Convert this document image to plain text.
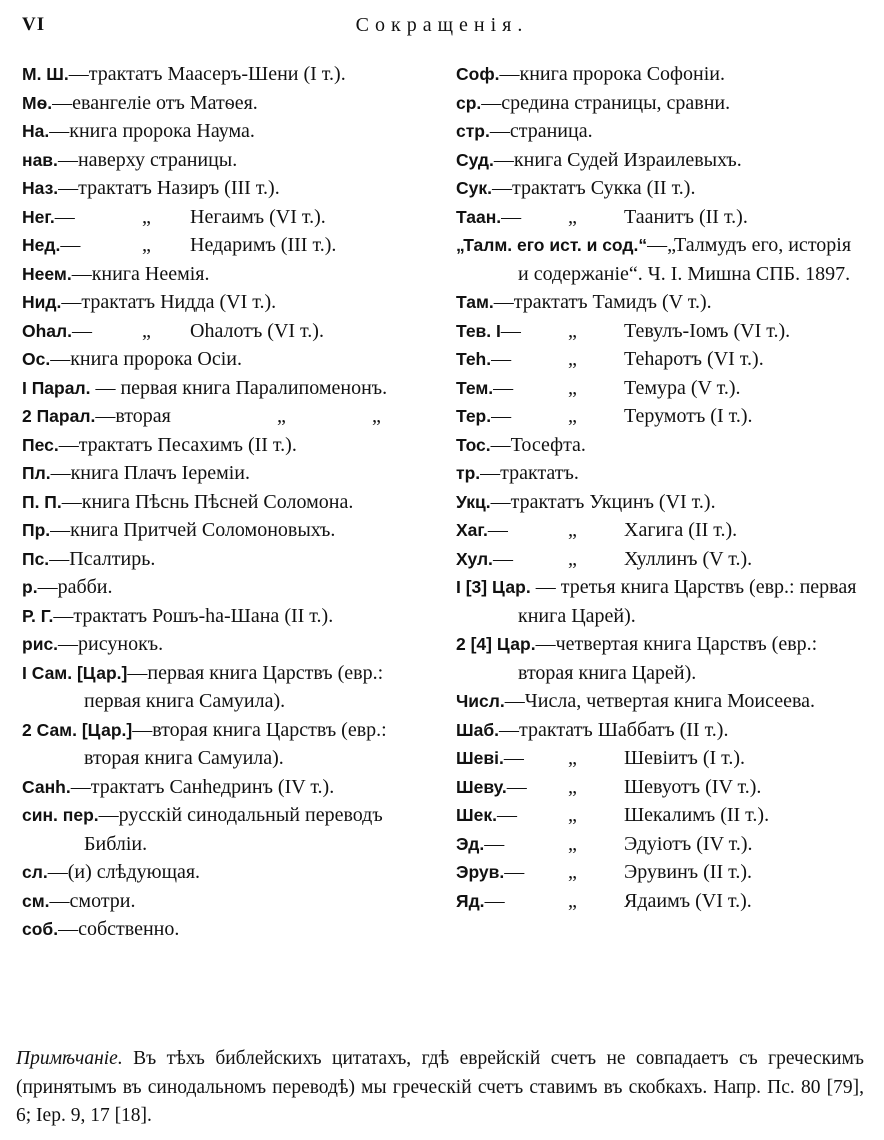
VI	Сокращенія.
М. Ш.—трактатъ Маасеръ-Шени (I т.).
Мѳ.—евангеліе отъ Матѳея.
На.—книга пророка Наума.
нав.—наверху страницы.
Наз.—трактатъ Назиръ (III т.).
Нег.—	„ Негаимъ (VI т.).
Нед.—	„ Недаримъ (III т.).
Неем.—книга Неемія.
Нид.—трактатъ Нидда (VI т.).
Оhал.— „ Оhалотъ (VI т.).
Ос.—книга пророка Осіи.
I Парал. — первая книга Паралипоменонъ.
2 Парал.—вторая	„	„
Пес.—трактатъ Песахимъ (II т.).
Пл.—книга Плачъ Іереміи.
П. П.—книга Пѣснь Пѣсней Соломона.
Пр.—книга Притчей Соломоновыхъ.
Пс.—Псалтирь.
р.—рабби.
Р. Г.—трактатъ Рошъ-hа-Шана (II т.).
рис.—рисунокъ.
I Сам. [Цар.]—первая книга Царствъ (евр.: первая книга Самуила).
2 Сам. [Цар.]—вторая книга Царствъ (евр.: вторая книга Самуила).
Санh.—трактатъ Санhедринъ (IV т.).
син. пер.—русскій синодальный переводъ Библіи.
сл.—(и) слѣдующая.
см.—смотри.
соб.—собственно.
Соф.—книга пророка Софоніи.
ср.—средина страницы, сравни.
стр.—страница.
Суд.—книга Судей Израилевыхъ.
Сук.—трактатъ Сукка (II т.).
Таан.— „ Таанитъ (II т.).
„Талм. его ист. и сод.“—„Талмудъ его, исторія и содержаніе“. Ч. I. Мишна СПБ. 1897.
Там.—трактатъ Тамидъ (V т.).
Тев. I— „ Тевулъ-Іомъ (VI т.).
Теh.—	„ Теhаротъ (VI т.).
Тем.—	„ Темура (V т.).
Тер.—	„ Терумотъ (I т.).
Тос.—Тосефта.
тр.—трактатъ.
Укц.—трактатъ Укцинъ (VI т.).
Хаг.—	„ Хагига (II т.).
Хул.—	„ Хуллинъ (V т.).
I [3] Цар. — третья книга Царствъ (евр.: первая книга Царей).
2 [4] Цар.—четвертая книга Царствъ (евр.: вторая книга Царей).
Числ.—Числа, четвертая книга Моисеева.
Шаб.—трактатъ Шаббатъ (II т.).
Шеві.— „ Шевіитъ (I т.).
Шеву.— „ Шевуотъ (IV т.).
Шек.—	„ Шекалимъ (II т.).
Эд.—	„ Эдуіотъ (IV т.).
Эрув.— „ Эрувинъ (II т.).
Яд.—	„ Ядаимъ (VI т.).
Примѣчаніе. Въ тѣхъ библейскихъ цитатахъ, гдѣ еврейскій счетъ не совпадаетъ съ греческимъ (принятымъ въ синодальномъ переводѣ) мы греческій счетъ ставимъ въ скобкахъ. Напр. Пс. 80 [79], 6; Іер. 9, 17 [18].
